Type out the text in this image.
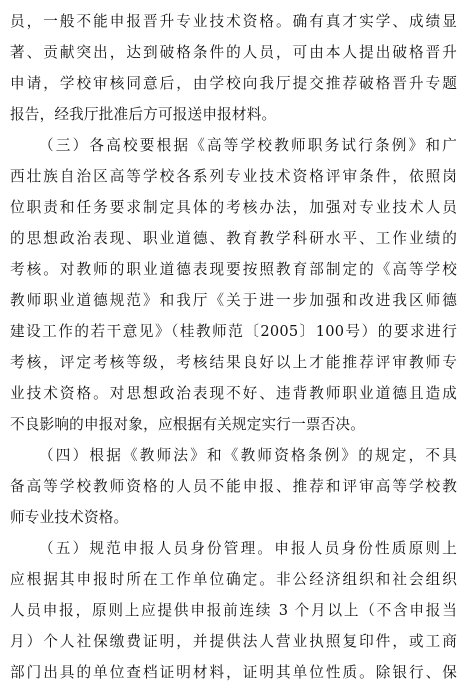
员，一般不能申报晋升专业技术资格。确有真才实学、成绩显
著、贡献突出，达到破格条件的人员，可由本人提出破格晋升
申请，学校审核同意后，由学校向我厅提交推荐破格晋升专题
报告，经我厅批准后方可报送申报材料。
（三）各高校要根据《高等学校教师职务试行条例》和广
西壮族自治区高等学校各系列专业技术资格评审条件，依照岗
位职责和任务要求制定具体的考核办法，加强对专业技术人员
的思想政治表现、职业道德、教育教学科研水平、工作业绩的
考核。对教师的职业道德表现要按照教育部制定的《高等学校
教师职业道德规范》和我厅《关于进一步加强和改进我区师德
建设工作的若干意见》（桂教师范〔2005〕100号）的要求进行
考核，评定考核等级，考核结果良好以上才能推荐评审教师专
业技术资格。对思想政治表现不好、违背教师职业道德且造成
不良影响的申报对象，应根据有关规定实行一票否决。
（四）根据《教师法》和《教师资格条例》的规定，不具
备高等学校教师资格的人员不能申报、推荐和评审高等学校教
师专业技术资格。
（五）规范申报人员身份管理。申报人员身份性质原则上
应根据其申报时所在工作单位确定。非公经济组织和社会组织
人员申报，原则上应提供申报前连续 3 个月以上（不含申报当
月）个人社保缴费证明，并提供法人营业执照复印件，或工商
部门出具的单位查档证明材料，证明其单位性质。除银行、保
